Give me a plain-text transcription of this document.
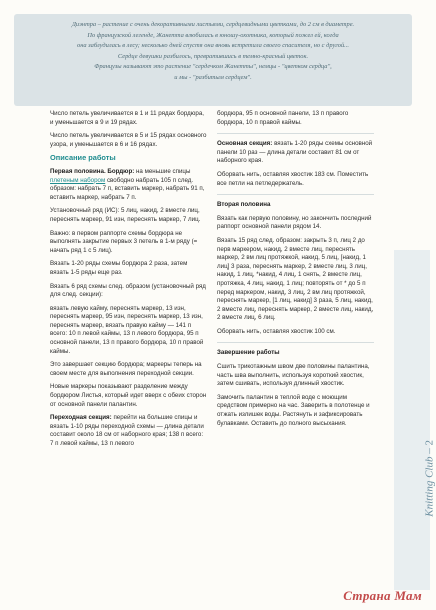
Диэнтра – растение с очень декоративными листьями, сердцевидными цветками, до 2 см в диаметре.

По французской легенде, Жанетта влюбилась в юношу-охотника, который пожел ей, когда

она заблудилась в лесу; несколько дней спустя она вновь встретила своего спасителя, но с другой...

Сердце девушки разбилось, превратившись в темно-красный цветок.

Французы называют это растение "сердечком Жанетты", немцы - "цветком сердца",

и мы - "разбитым сердцем".

Число петель увеличивается в 1 и 11 рядах бордюра, и уменьшается в 9 и 19 рядах.

Число петель увеличивается в 5 и 15 рядах основного узора, и уменьшается в 6 и 16 рядах.

Описание работы

Первая половина. Бордюр: на меньшие спицы плетеным набором свободно набрать 105 п след. образом: набрать 7 п, вставить маркер, набрать 91 п, вставить маркер, набрать 7 п.

Установочный ряд (ИС): 5 лиц, накид, 2 вместе лиц, переснять маркер, 91 изн, переснять маркер, 7 лиц.

Важно: в первом раппорте схемы бордюра не выполнять закрытие первых 3 петель в 1-м ряду (= начать ряд 1 с 5 лиц).

Вязать 1-20 ряды схемы бордюра 2 раза, затем вязать 1-5 ряды еще раз.

Вязать 6 ряд схемы след. образом (установочный ряд для след. секции):

вязать левую кайму, переснять маркер, 13 изн, переснять маркер, 95 изн, переснять маркер, 13 изн, переснять маркер, вязать правую кайму — 141 п всего: 10 п левой каймы, 13 п левого бордюра, 95 п основной панели, 13 п правого бордюра, 10 п правой каймы.

Это завершает секцию бордюра; маркеры теперь на своем месте для выполнения переходной секции.

Новые маркеры показывают разделение между бордюром Листья, который идет вверх с обеих сторон от основной панели палантин.

Переходная секция: перейти на большие спицы и вязать 1-10 ряды переходной схемы — длина детали составит около 18 см от наборного края; 138 п всего: 7 п левой каймы, 13 п левого

бордюра, 95 п основной панели, 13 п правого бордюра, 10 п правой каймы.

Основная секция: вязать 1-20 ряды схемы основной панели 10 раз — длина детали составит 81 см от наборного края.

Оборвать нить, оставляя хвостик 183 см. Поместить все петли на петледержатель.

Вторая половина

Вязать как первую половину, но закончить последний раппорт основной панели рядом 14.

Вязать 15 ряд след. образом: закрыть 3 п, лиц 2 до перв маркером, накид, 2 вместе лиц, переснять маркер, 2 вм лиц протяжкой, накид, 5 лиц, [накид, 1 лиц] 3 раза, переснять маркер, 2 вместе лиц, 3 лиц, накид, 1 лиц, *накид, 4 лиц, 1 снять, 2 вместе лиц, протяжка, 4 лиц, накид, 1 лиц; повторять от * до 5 п перед маркером, накид, 3 лиц, 2 вм лиц протяжкой, переснять маркер, [1 лиц, накид] 3 раза, 5 лиц, накид, 2 вместе лиц, переснять маркер, 2 вместе лиц, накид, 2 вместе лиц, 6 лиц.

Оборвать нить, оставляя хвостик 100 см.

Завершение работы

Сшить трикотажным швом две половины палантина, часть шва выполнить, используя короткий хвостик, затем сшивать, используя длинный хвостик.

Замочить палантин в теплой воде с моющим средством примерно на час. Заверить в полотенце и отжать излишек воды. Растянуть и зафиксировать булавками. Оставить до полного высыхания.

Knitting Club – 2
Страна Мам
